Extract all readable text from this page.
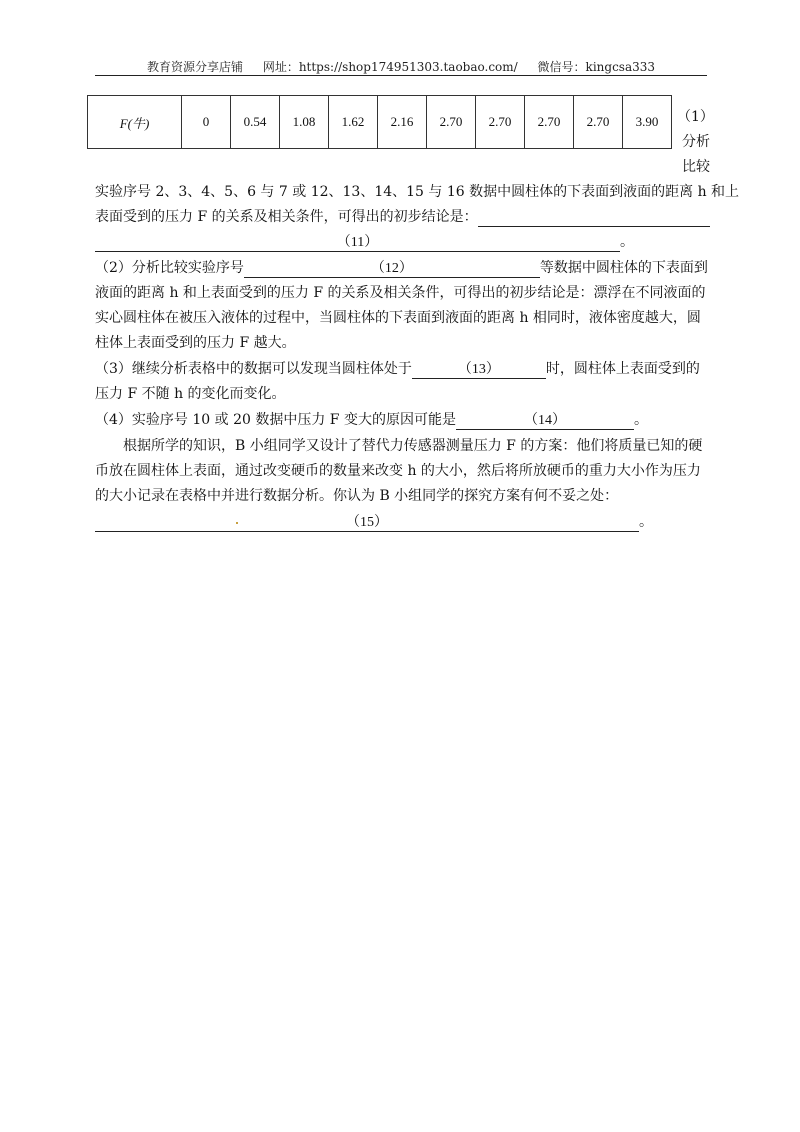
教育资源分享店铺 网址：https://shop174951303.taobao.com/ 微信号：kingcsa333
F(牛)	0	0.54	1.08	1.62	2.16	2.70	2.70	2.70	2.70	3.90 （1）
分析
比较
实验序号 2、3、4、5、6 与 7 或 12、13、14、15 与 16 数据中圆柱体的下表面到液面的距离 h 和上
表面受到的压力 F 的关系及相关条件，可得出的初步结论是：
（11）	。
（2）分析比较实验序号	（12）	等数据中圆柱体的下表面到
液面的距离 h 和上表面受到的压力 F 的关系及相关条件，可得出的初步结论是：漂浮在不同液面的
实心圆柱体在被压入液体的过程中，当圆柱体的下表面到液面的距离 h 相同时，液体密度越大，圆
柱体上表面受到的压力 F 越大。
（3）继续分析表格中的数据可以发现当圆柱体处于	（13）	时，圆柱体上表面受到的
压力 F 不随 h 的变化而变化。
（4）实验序号 10 或 20 数据中压力 F 变大的原因可能是	（14）	。
根据所学的知识，B 小组同学又设计了替代力传感器测量压力 F 的方案：他们将质量已知的硬
币放在圆柱体上表面，通过改变硬币的数量来改变 h 的大小，然后将所放硬币的重力大小作为压力
的大小记录在表格中并进行数据分析。你认为 B 小组同学的探究方案有何不妥之处：
（15）	。
